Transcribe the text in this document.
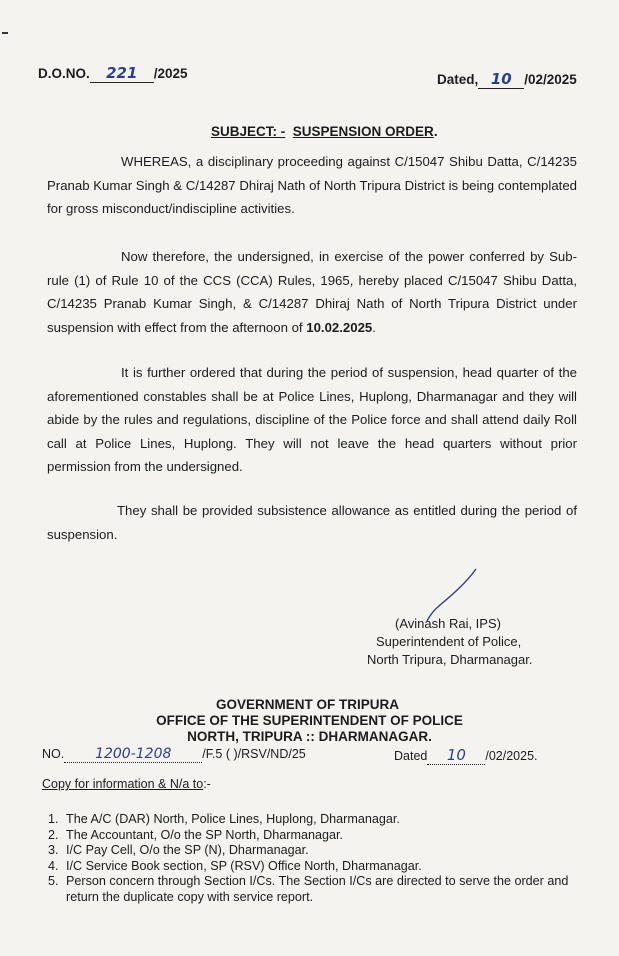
D.O.NO. 221 /2025	Dated, 10 /02/2025
SUBJECT: - SUSPENSION ORDER.
WHEREAS, a disciplinary proceeding against C/15047 Shibu Datta, C/14235 Pranab Kumar Singh & C/14287 Dhiraj Nath of North Tripura District is being contemplated for gross misconduct/indiscipline activities.
Now therefore, the undersigned, in exercise of the power conferred by Sub-rule (1) of Rule 10 of the CCS (CCA) Rules, 1965, hereby placed C/15047 Shibu Datta, C/14235 Pranab Kumar Singh, & C/14287 Dhiraj Nath of North Tripura District under suspension with effect from the afternoon of 10.02.2025.
It is further ordered that during the period of suspension, head quarter of the aforementioned constables shall be at Police Lines, Huplong, Dharmanagar and they will abide by the rules and regulations, discipline of the Police force and shall attend daily Roll call at Police Lines, Huplong. They will not leave the head quarters without prior permission from the undersigned.
They shall be provided subsistence allowance as entitled during the period of suspension.
(Avinash Rai, IPS)
Superintendent of Police,
North Tripura, Dharmanagar.
GOVERNMENT OF TRIPURA
OFFICE OF THE SUPERINTENDENT OF POLICE
NORTH, TRIPURA :: DHARMANAGAR.
NO. 1200-1208 /F.5 ( )/RSV/ND/25	Dated 10 /02/2025.
Copy for information & N/a to:-
1. The A/C (DAR) North, Police Lines, Huplong, Dharmanagar.
2. The Accountant, O/o the SP North, Dharmanagar.
3. I/C Pay Cell, O/o the SP (N), Dharmanagar.
4. I/C Service Book section, SP (RSV) Office North, Dharmanagar.
5. Person concern through Section I/Cs. The Section I/Cs are directed to serve the order and return the duplicate copy with service report.
